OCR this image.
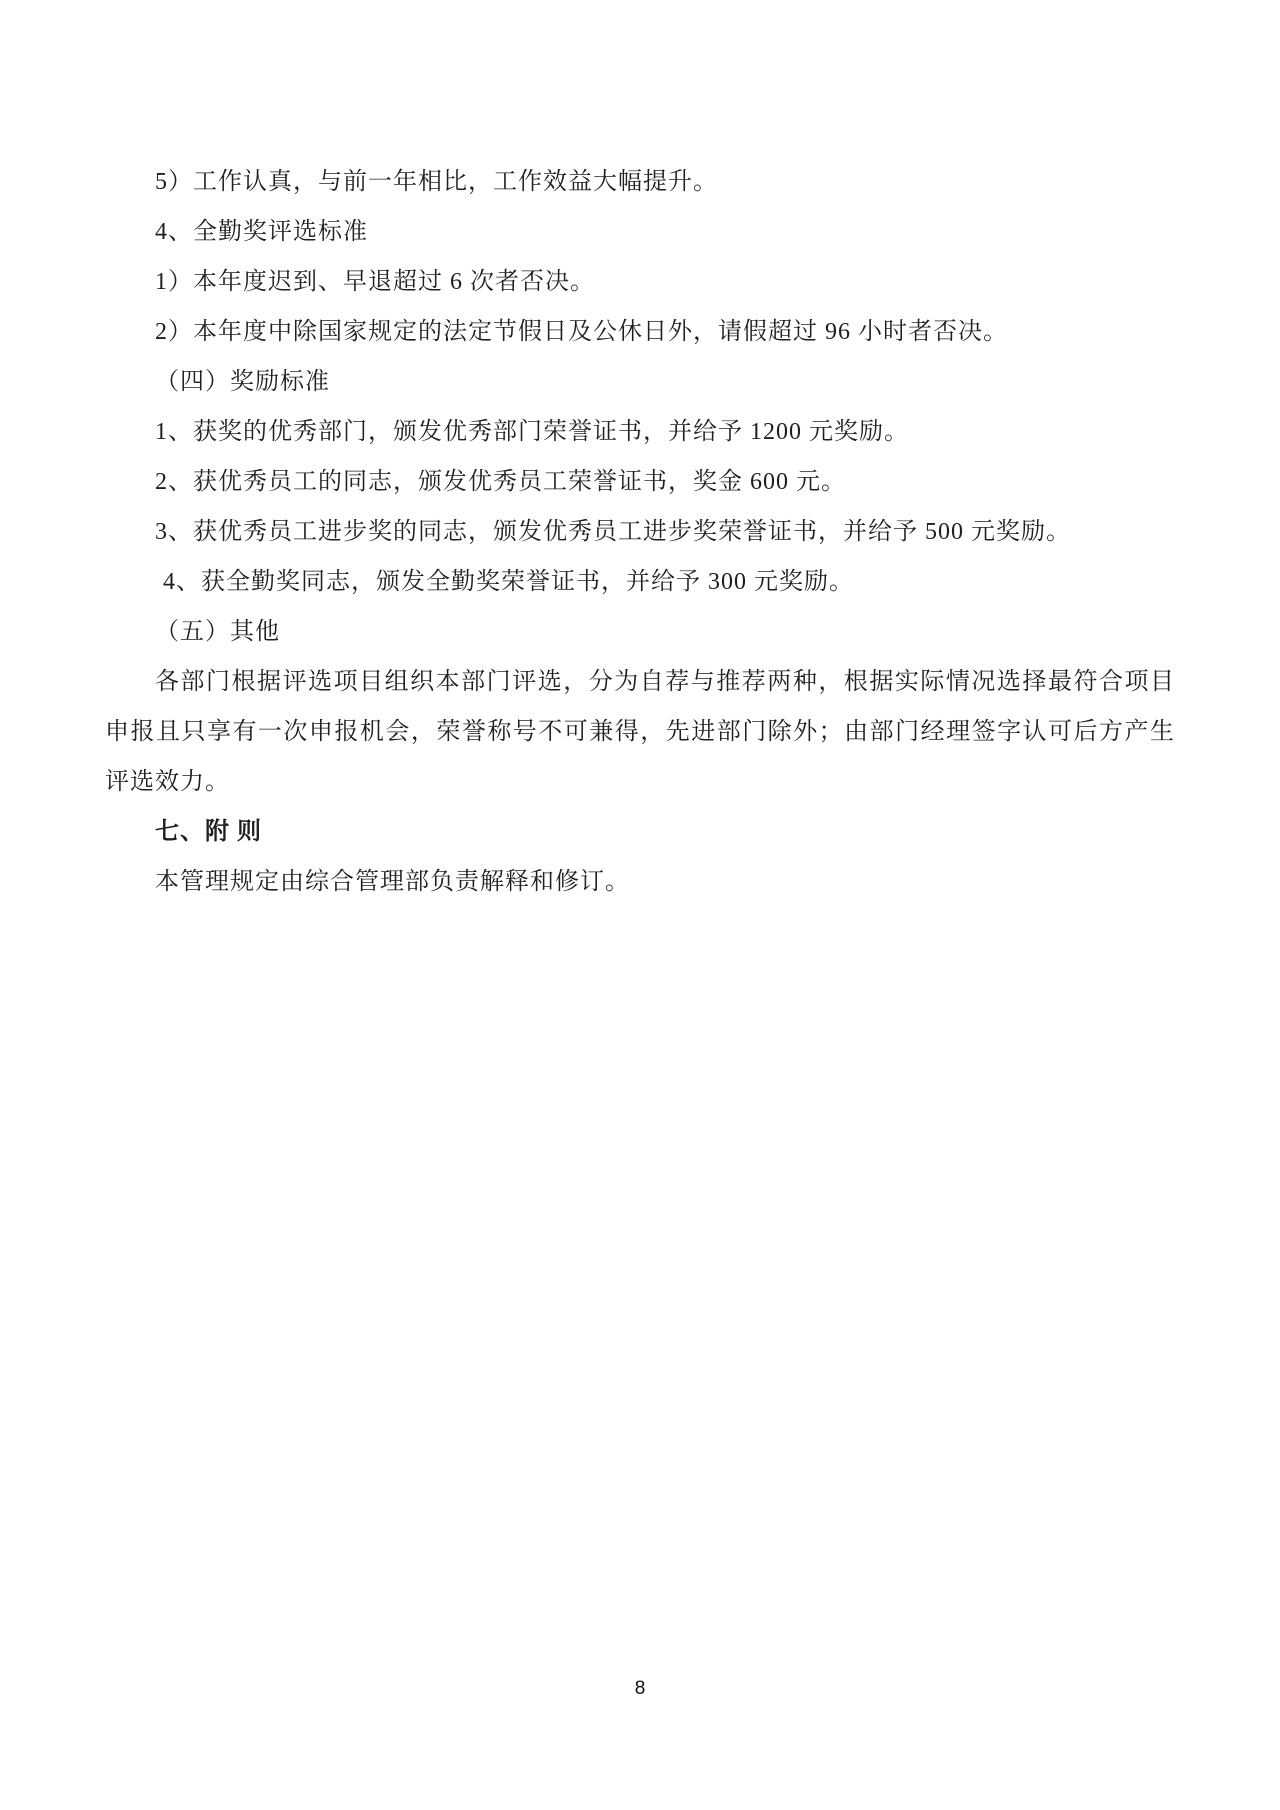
5）工作认真，与前一年相比，工作效益大幅提升。
4、全勤奖评选标准
1）本年度迟到、早退超过 6 次者否决。
2）本年度中除国家规定的法定节假日及公休日外，请假超过 96 小时者否决。
（四）奖励标准
1、获奖的优秀部门，颁发优秀部门荣誉证书，并给予 1200 元奖励。
2、获优秀员工的同志，颁发优秀员工荣誉证书，奖金 600 元。
3、获优秀员工进步奖的同志，颁发优秀员工进步奖荣誉证书，并给予 500 元奖励。
4、获全勤奖同志，颁发全勤奖荣誉证书，并给予 300 元奖励。
（五）其他
各部门根据评选项目组织本部门评选，分为自荐与推荐两种，根据实际情况选择最符合项目
申报且只享有一次申报机会，荣誉称号不可兼得，先进部门除外；由部门经理签字认可后方产生
评选效力。
七、附 则
本管理规定由综合管理部负责解释和修订。
8
